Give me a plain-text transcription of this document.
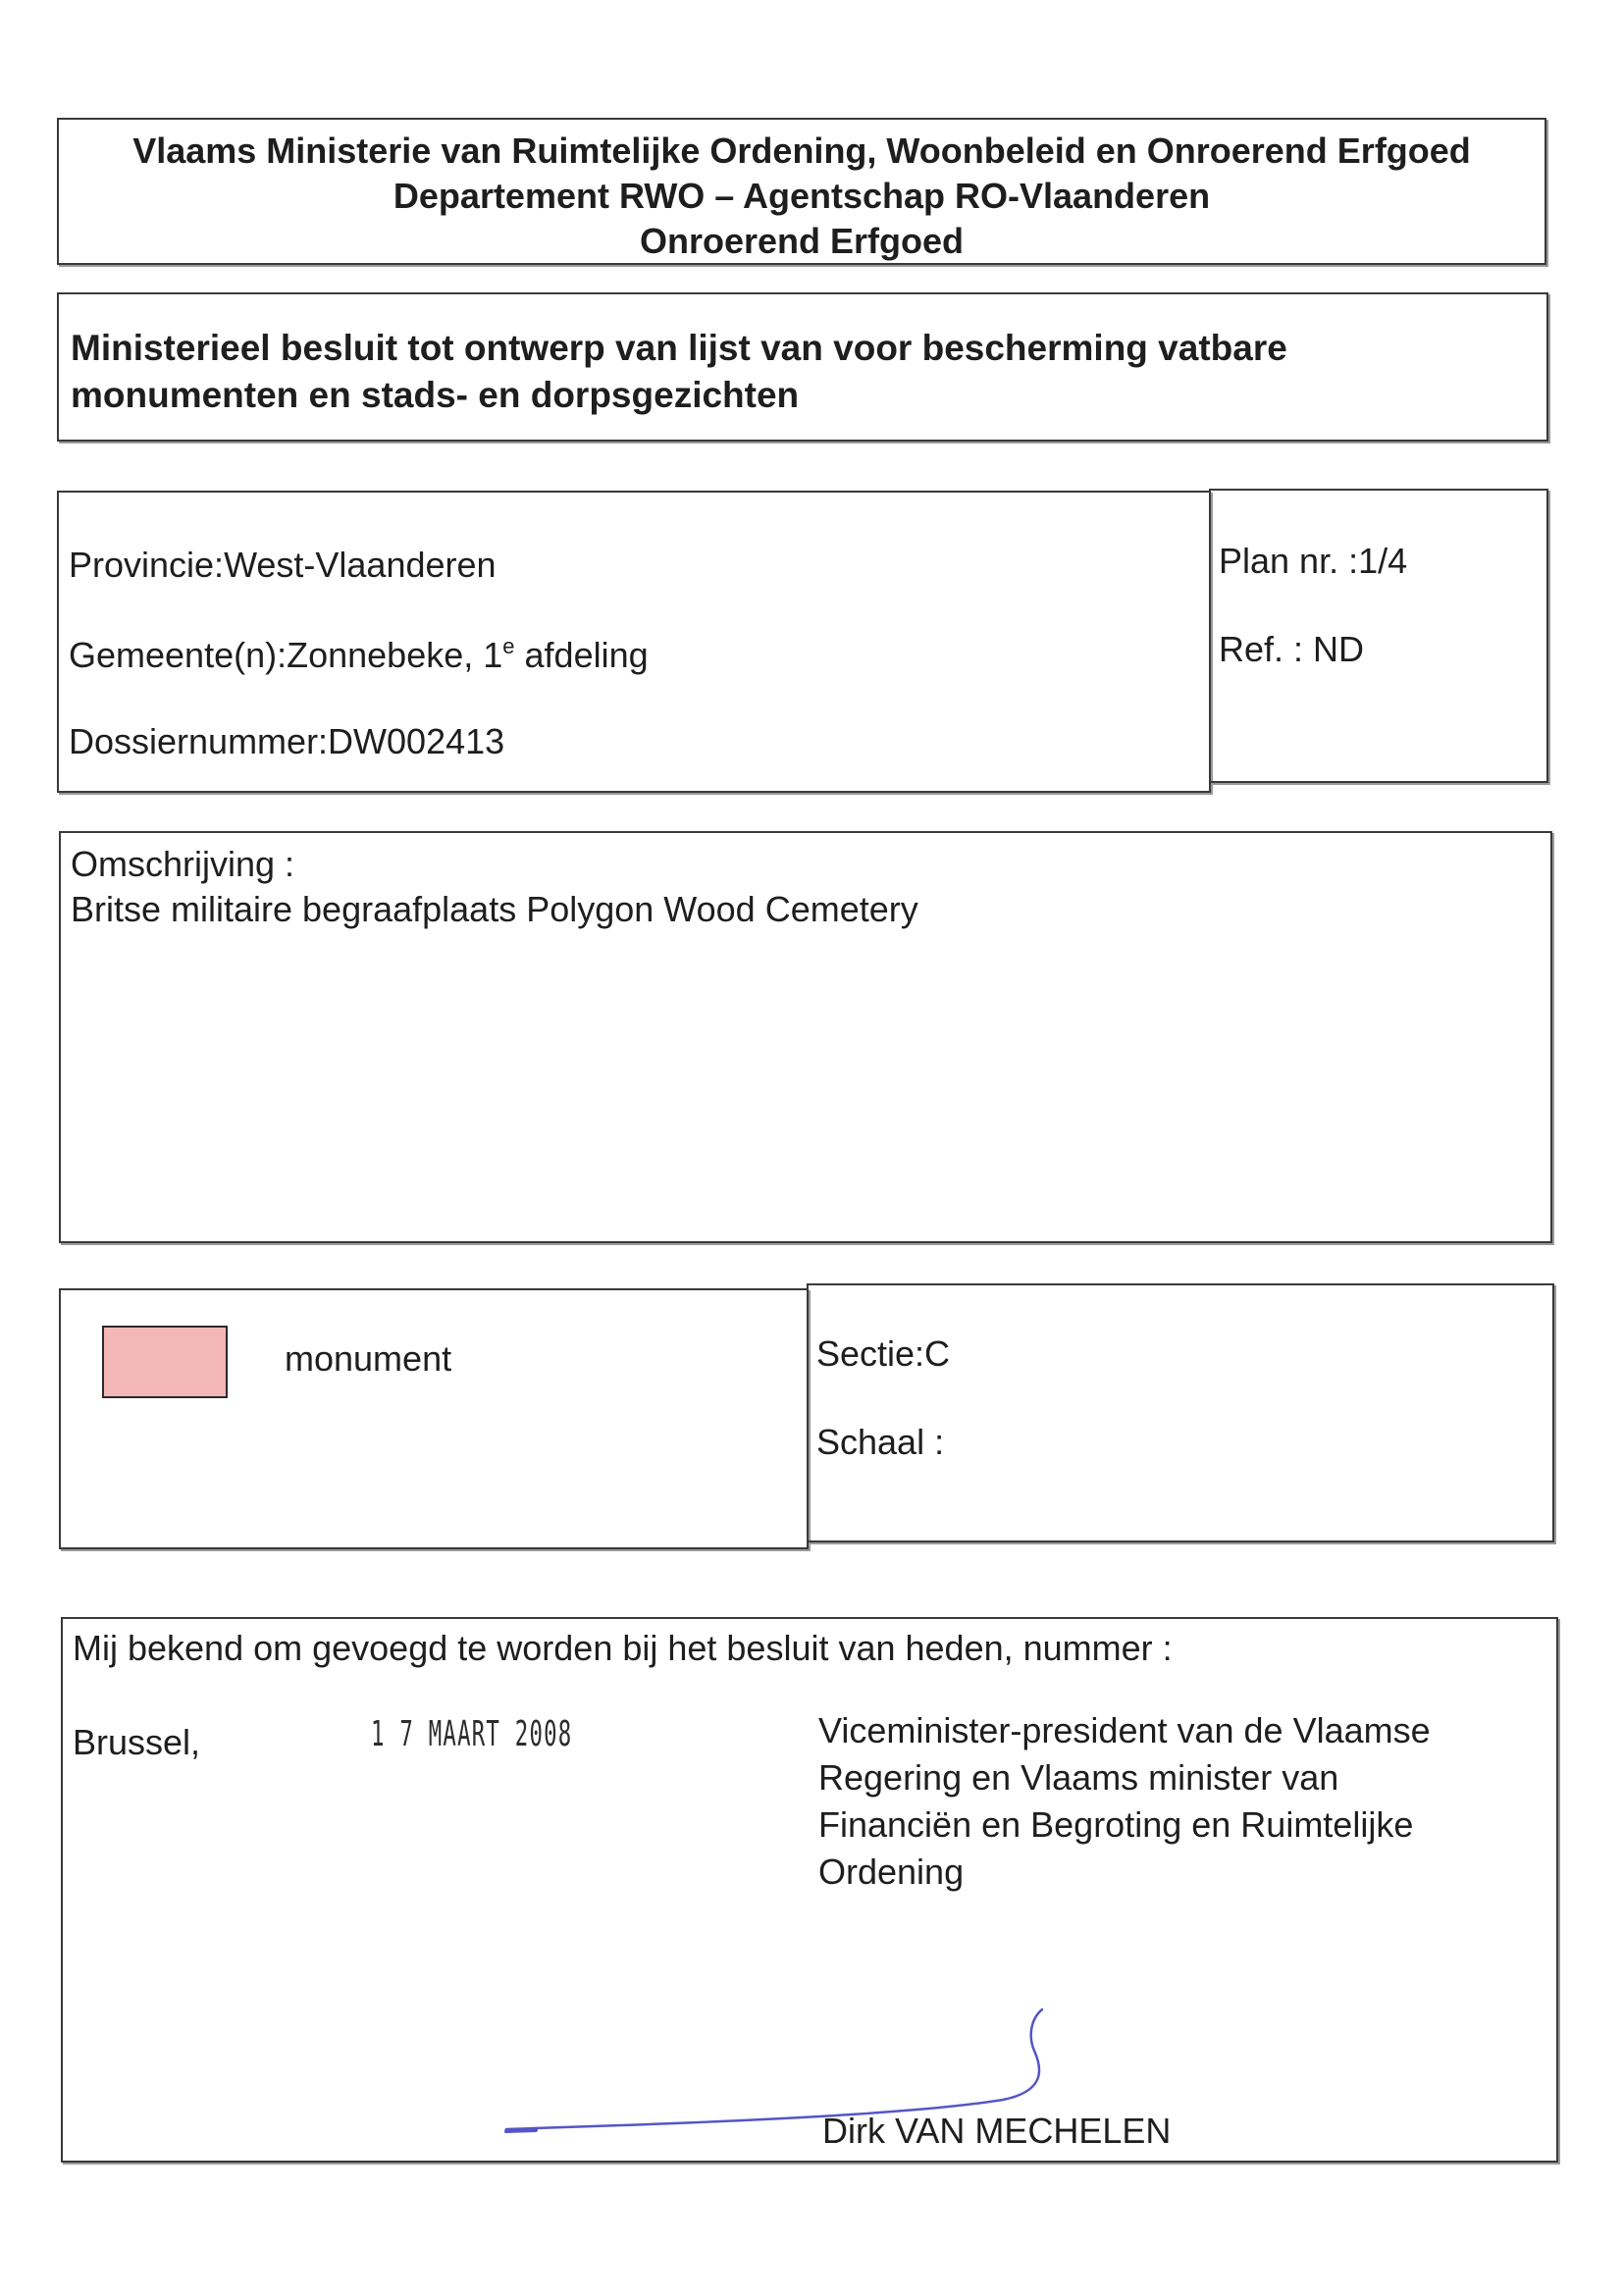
Vlaams Ministerie van Ruimtelijke Ordening, Woonbeleid en Onroerend Erfgoed
Departement RWO – Agentschap RO-Vlaanderen
Onroerend Erfgoed
Ministerieel besluit tot ontwerp van lijst van voor bescherming vatbare
monumenten en stads- en dorpsgezichten
Provincie:West-Vlaanderen
Gemeente(n):Zonnebeke, 1e afdeling
Dossiernummer:DW002413
Plan nr. :1/4
Ref. : ND
Omschrijving :
Britse militaire begraafplaats Polygon Wood Cemetery
monument	Sectie:C
Schaal :
Mij bekend om gevoegd te worden bij het besluit van heden, nummer :
Brussel,	1 7 MAART 2008	Viceminister-president van de Vlaamse
Regering en Vlaams minister van
Financiën en Begroting en Ruimtelijke
Ordening
Dirk VAN MECHELEN
